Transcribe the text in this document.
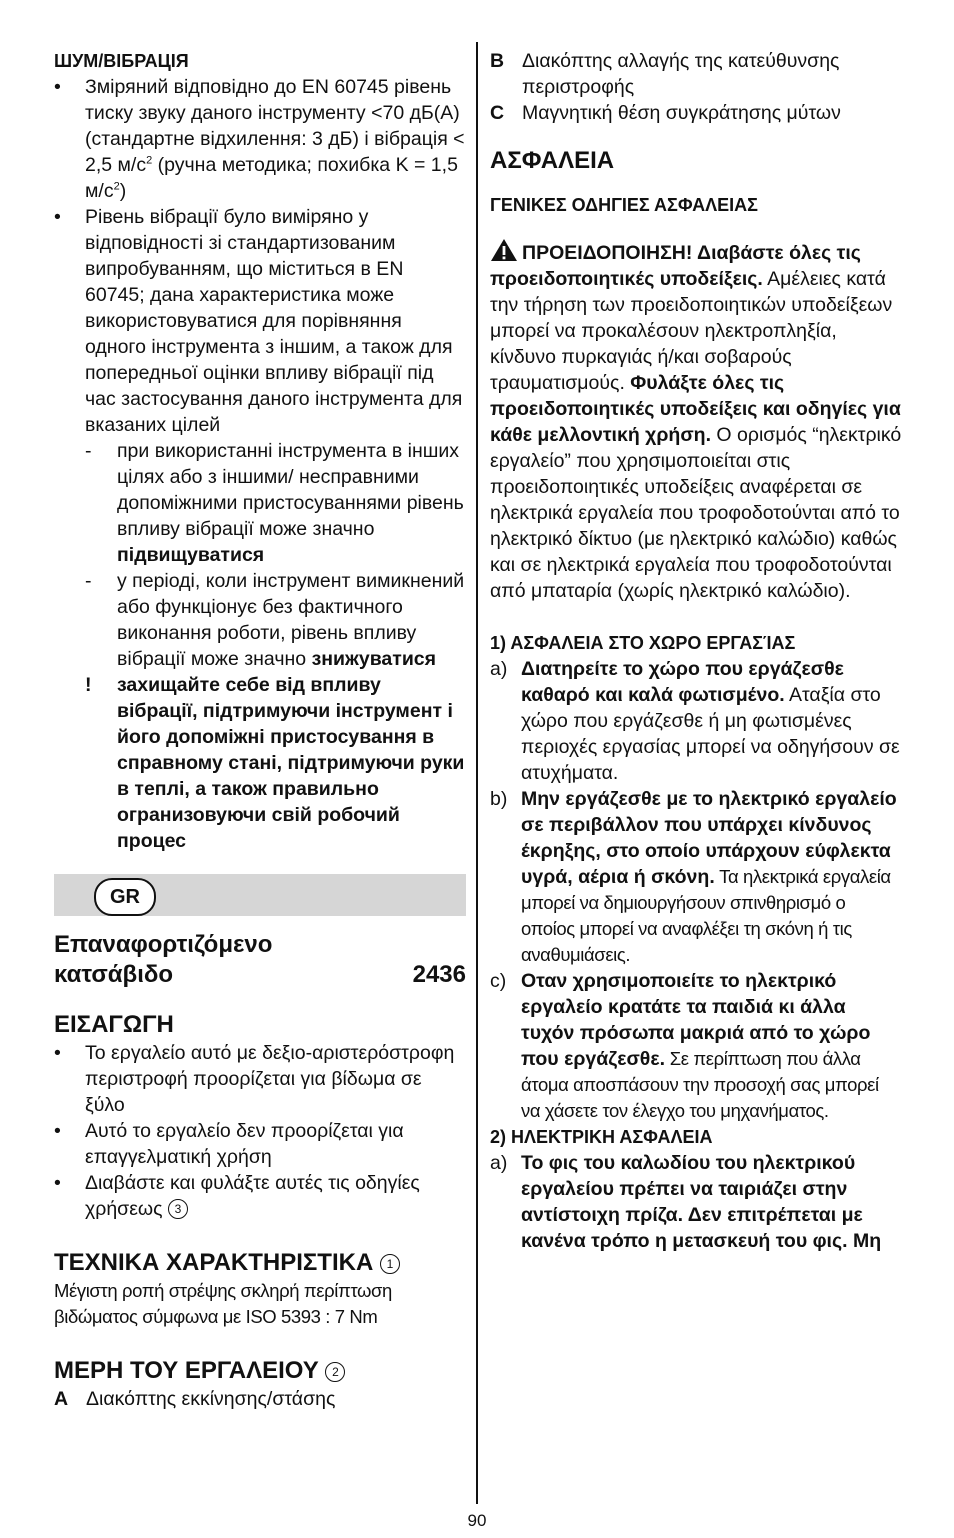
ШУМ/ВІБРАЦІЯ
• Зміряний відповідно до EN 60745 рівень тиску звуку даного інструменту <70 дБ(A) (стандартне відхилення: 3 дБ) і вібрація < 2,5 $м/с^2$ (ручна методика; похибка K = 1,5 $м/с^2$)
• Рівень вібрації було виміряно у відповідності зі стандартизованим випробуванням, що міститься в EN 60745; дана характеристика може використовуватися для порівняння одного інструмента з іншим, а також для попередньої оцінки впливу вібрації під час застосування даного інструмента для вказаних цілей
- при використанні інструмента в інших цілях або з іншими/ несправними допоміжними пристосуваннями рівень впливу вібрації може значно підвищуватися
- у періоді, коли інструмент вимикнений або функціонує без фактичного виконання роботи, рівень впливу вібрації може значно знижуватися
! захищайте себе від впливу вібрації, підтримуючи інструмент і його допоміжні пристосування в справному стані, підтримуючи руки в теплі, а також правильно огранизовуючи свій робочий процес
GR
Επαναφορτιζόμενο
κατσάβιδο	2436
ΕΙΣΑΓΩΓΗ
• Το εργαλείο αυτό με δεξιο-αριστερόστροφη περιστροφή προορίζεται για βίδωμα σε ξύλο
• Αυτό το εργαλείο δεν προορίζεται για επαγγελματική χρήση
• Διαβάστε και φυλάξτε αυτές τις οδηγίες χρήσεως 3
ΤΕΧΝΙΚΑ ΧΑΡΑΚΤΗΡΙΣΤΙΚΑ 1
Μέγιστη ροπή στρέψης σκληρή περίπτωση βιδώματος σύμφωνα με ISO 5393 : 7 Nm
ΜΕΡΗ ΤΟΥ ΕΡΓΑΛΕΙΟΥ 2
A Διακόπτης εκκίνησης/στάσης
B Διακόπτης αλλαγής της κατεύθυνσης περιστροφής
C Μαγνητική θέση συγκράτησης μύτων
ΑΣΦΑΛΕΙΑ
ΓΕΝΙΚΕΣ ΟΔΗΓΙΕΣ ΑΣΦΑΛΕΙΑΣ
ΠΡΟΕΙΔΟΠΟΙΗΣΗ! Διαβάστε όλες τις προειδοποιητικές υποδείξεις. Αμέλειες κατά την τήρηση των προειδοποιητικών υποδείξεων μπορεί να προκαλέσουν ηλεκτροπληξία, κίνδυνο πυρκαγιάς ή/και σοβαρούς τραυματισμούς. Φυλάξτε όλες τις προειδοποιητικές υποδείξεις και οδηγίες για κάθε μελλοντική χρήση. Ο ορισμός “ηλεκτρικό εργαλείο” που χρησιμοποιείται στις προειδοποιητικές υποδείξεις αναφέρεται σε ηλεκτρικά εργαλεία που τροφοδοτούνται από το ηλεκτρικό δίκτυο (με ηλεκτρικό καλώδιο) καθώς και σε ηλεκτρικά εργαλεία που τροφοδοτούνται από μπαταρία (χωρίς ηλεκτρικό καλώδιο).
1) ΑΣΦΑΛΕΙΑ ΣΤΟ ΧΩΡΟ ΕΡΓΑΣΊΑΣ
a) Διατηρείτε το χώρο που εργάζεσθε καθαρό και καλά φωτισμένο. Αταξία στο χώρο που εργάζεσθε ή μη φωτισμένες περιοχές εργασίας μπορεί να οδηγήσουν σε ατυχήματα.
b) Μην εργάζεσθε με το ηλεκτρικό εργαλείο σε περιβάλλον που υπάρχει κίνδυνος έκρηξης, στο οποίο υπάρχουν εύφλεκτα υγρά, αέρια ή σκόνη. Τα ηλεκτρικά εργαλεία μπορεί να δημιουργήσουν σπινθηρισμό ο οποίος μπορεί να αναφλέξει τη σκόνη ή τις αναθυμιάσεις.
c) Οταν χρησιμοποιείτε το ηλεκτρικό εργαλείο κρατάτε τα παιδιά κι άλλα τυχόν πρόσωπα μακριά από το χώρο που εργάζεσθε. Σε περίπτωση που άλλα άτομα αποσπάσουν την προσοχή σας μπορεί να χάσετε τον έλεγχο του μηχανήματος.
2) ΗΛΕΚΤΡΙΚΗ ΑΣΦΑΛΕΙΑ
a) Το φις του καλωδίου του ηλεκτρικού εργαλείου πρέπει να ταιριάζει στην αντίστοιχη πρίζα. Δεν επιτρέπεται με κανένα τρόπο η μετασκευή του φις. Μη
90
